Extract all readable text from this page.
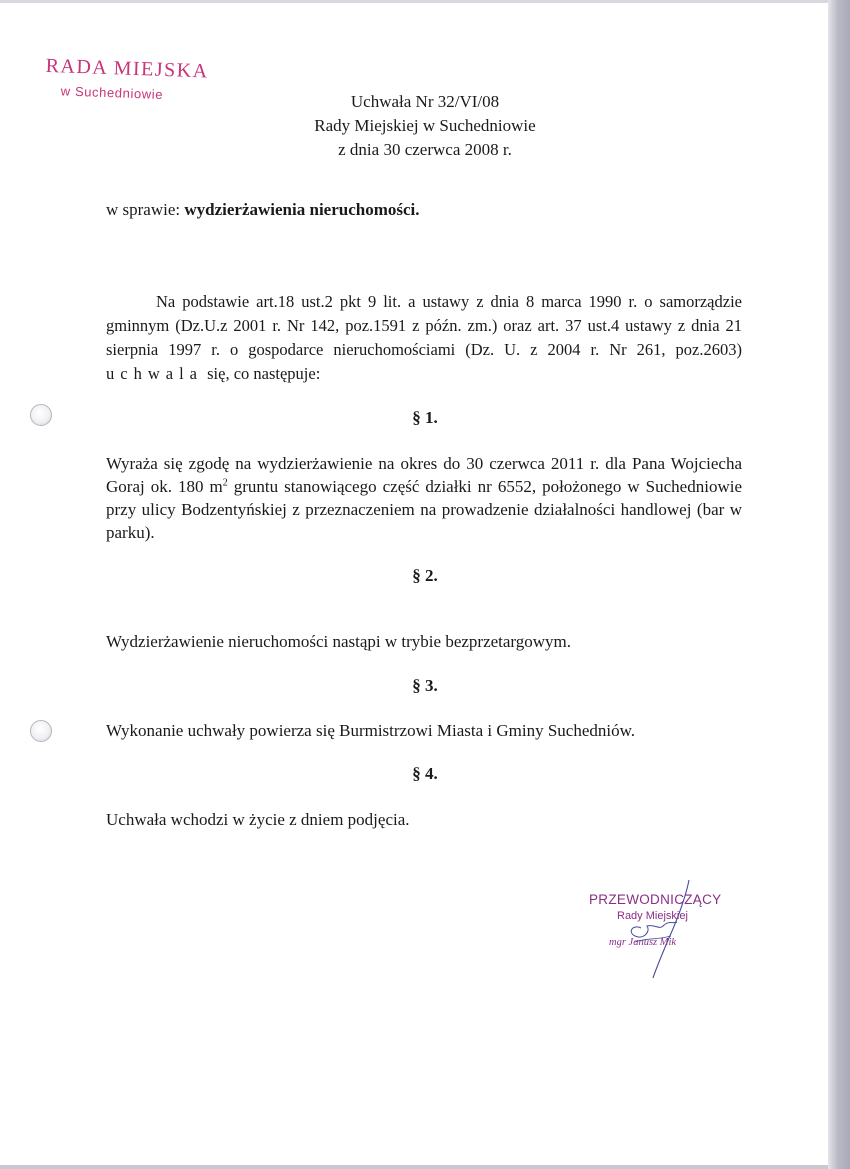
RADA MIEJSKA
w Suchedniowie	Uchwała Nr 32/VI/08
Rady Miejskiej w Suchedniowie
z dnia 30 czerwca 2008 r.
w sprawie: wydzierżawienia nieruchomości.
Na podstawie art.18 ust.2 pkt 9 lit. a ustawy z dnia 8 marca 1990 r. o samorządzie gminnym (Dz.U.z 2001 r. Nr 142, poz.1591 z późn. zm.) oraz art. 37 ust.4 ustawy z dnia 21 sierpnia 1997 r. o gospodarce nieruchomościami (Dz. U. z 2004 r. Nr 261, poz.2603) uchwala się, co następuje:
§ 1.
Wyraża się zgodę na wydzierżawienie na okres do 30 czerwca 2011 r. dla Pana Wojciecha Goraj ok. 180 $m^2$ gruntu stanowiącego część działki nr 6552, położonego w Suchedniowie przy ulicy Bodzentyńskiej z przeznaczeniem na prowadzenie działalności handlowej (bar w parku).
§ 2.
Wydzierżawienie nieruchomości nastąpi w trybie bezprzetargowym.
§ 3.
Wykonanie uchwały powierza się Burmistrzowi Miasta i Gminy Suchedniów.
§ 4.
Uchwała wchodzi w życie z dniem podjęcia.
PRZEWODNICZĄCY
Rady Miejskiej
mgr Janusz Mik
